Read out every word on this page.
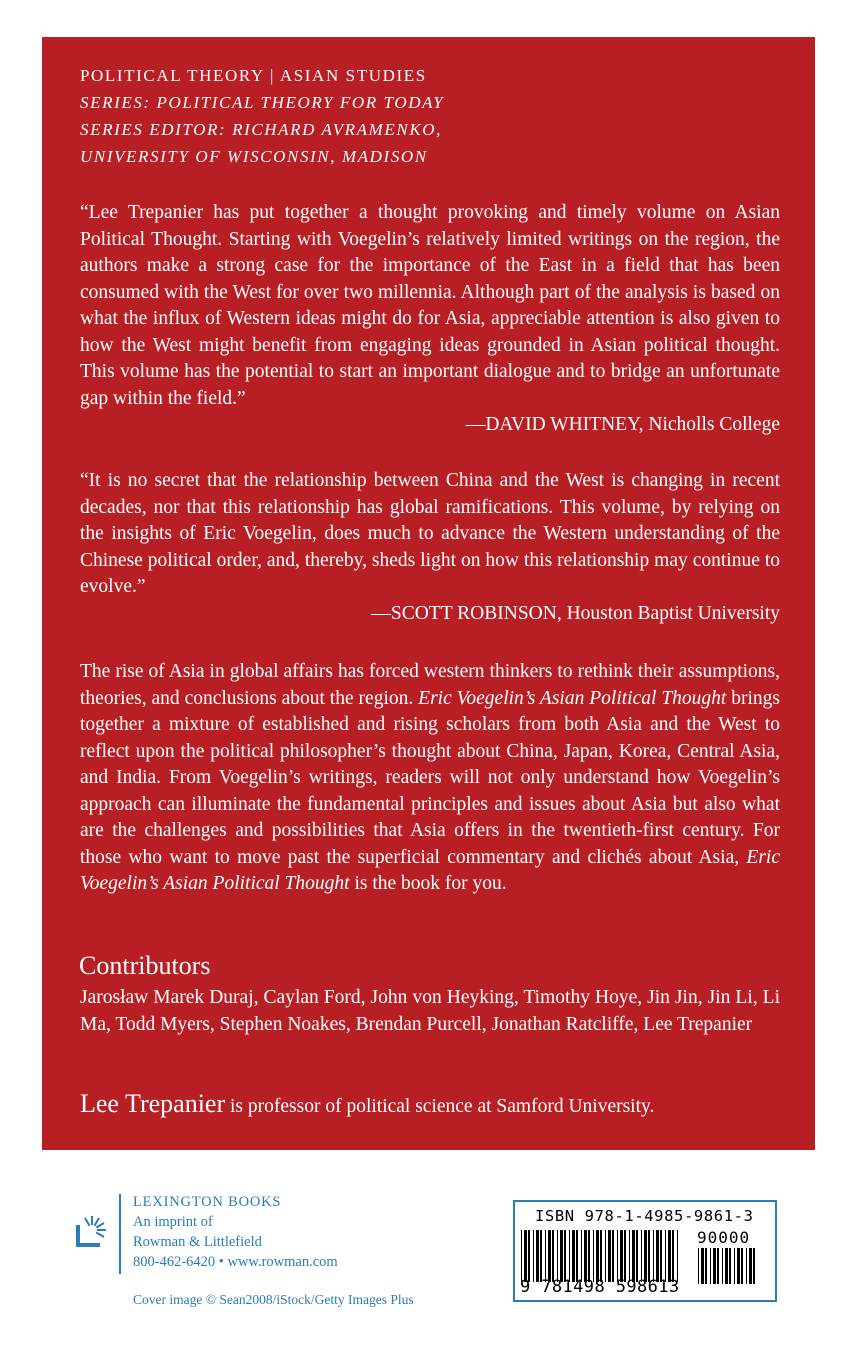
POLITICAL THEORY | ASIAN STUDIES
SERIES: POLITICAL THEORY FOR TODAY
SERIES EDITOR: RICHARD AVRAMENKO,
UNIVERSITY OF WISCONSIN, MADISON
“Lee Trepanier has put together a thought provoking and timely volume on Asian Political Thought. Starting with Voegelin’s relatively limited writings on the region, the authors make a strong case for the importance of the East in a field that has been consumed with the West for over two millennia. Although part of the analysis is based on what the influx of Western ideas might do for Asia, appreciable attention is also given to how the West might benefit from engaging ideas grounded in Asian political thought. This volume has the potential to start an important dialogue and to bridge an unfortunate gap within the field.”
—DAVID WHITNEY, Nicholls College
“It is no secret that the relationship between China and the West is changing in recent decades, nor that this relationship has global ramifications. This volume, by relying on the insights of Eric Voegelin, does much to advance the Western understanding of the Chinese political order, and, thereby, sheds light on how this relationship may continue to evolve.”
—SCOTT ROBINSON, Houston Baptist University
The rise of Asia in global affairs has forced western thinkers to rethink their assumptions, theories, and conclusions about the region. Eric Voegelin’s Asian Political Thought brings together a mixture of established and rising scholars from both Asia and the West to reflect upon the political philosopher’s thought about China, Japan, Korea, Central Asia, and India. From Voegelin’s writings, readers will not only understand how Voegelin’s approach can illuminate the fundamental principles and issues about Asia but also what are the challenges and possibilities that Asia offers in the twentieth-first century. For those who want to move past the superficial commentary and clichés about Asia, Eric Voegelin’s Asian Political Thought is the book for you.
Contributors
Jarosław Marek Duraj, Caylan Ford, John von Heyking, Timothy Hoye, Jin Jin, Jin Li, Li Ma, Todd Myers, Stephen Noakes, Brendan Purcell, Jonathan Ratcliffe, Lee Trepanier
Lee Trepanier is professor of political science at Samford University.
LEXINGTON BOOKS
An imprint of
Rowman & Littlefield
800-462-6420 • www.rowman.com
Cover image © Sean2008/iStock/Getty Images Plus
ISBN 978-1-4985-9861-3
90000
9 781498 598613
